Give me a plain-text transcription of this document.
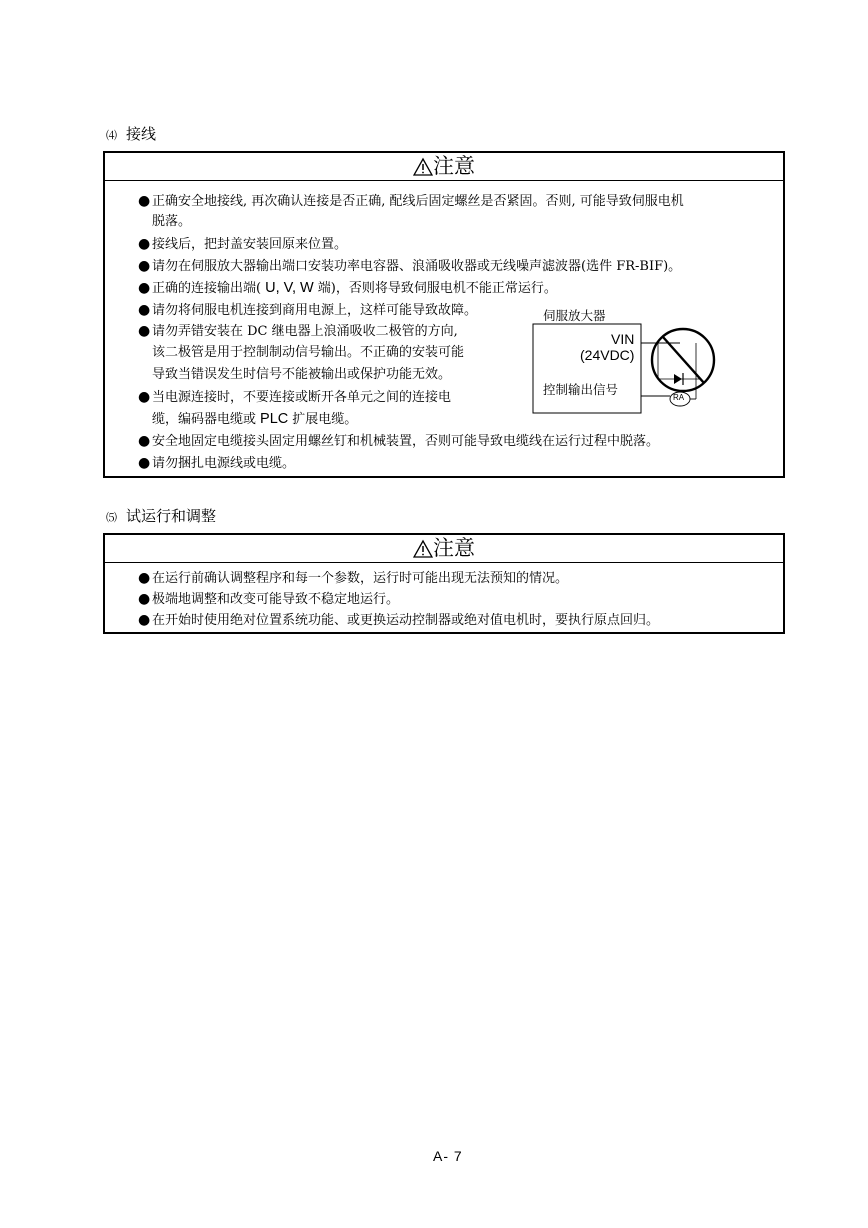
⑷ 接线
注意
● 正确安全地接线, 再次确认连接是否正确, 配线后固定螺丝是否紧固。否则, 可能导致伺服电机
脱落。
● 接线后，把封盖安装回原来位置。
● 请勿在伺服放大器输出端口安装功率电容器、浪涌吸收器或无线噪声滤波器(选件 FR-BIF)。
● 正确的连接输出端( U, V, W 端)，否则将导致伺服电机不能正常运行。
● 请勿将伺服电机连接到商用电源上，这样可能导致故障。
● 请勿弄错安装在 DC 继电器上浪涌吸收二极管的方向,
该二极管是用于控制制动信号输出。不正确的安装可能
导致当错误发生时信号不能被输出或保护功能无效。
● 当电源连接时，不要连接或断开各单元之间的连接电
缆，编码器电缆或 PLC 扩展电缆。
● 安全地固定电缆接头固定用螺丝钉和机械装置，否则可能导致电缆线在运行过程中脱落。
● 请勿捆扎电源线或电缆。
伺服放大器
VIN
(24VDC)
控制输出信号
RA
⑸ 试运行和调整
注意
● 在运行前确认调整程序和每一个参数，运行时可能出现无法预知的情况。
● 极端地调整和改变可能导致不稳定地运行。
● 在开始时使用绝对位置系统功能、或更换运动控制器或绝对值电机时，要执行原点回归。
A- 7
